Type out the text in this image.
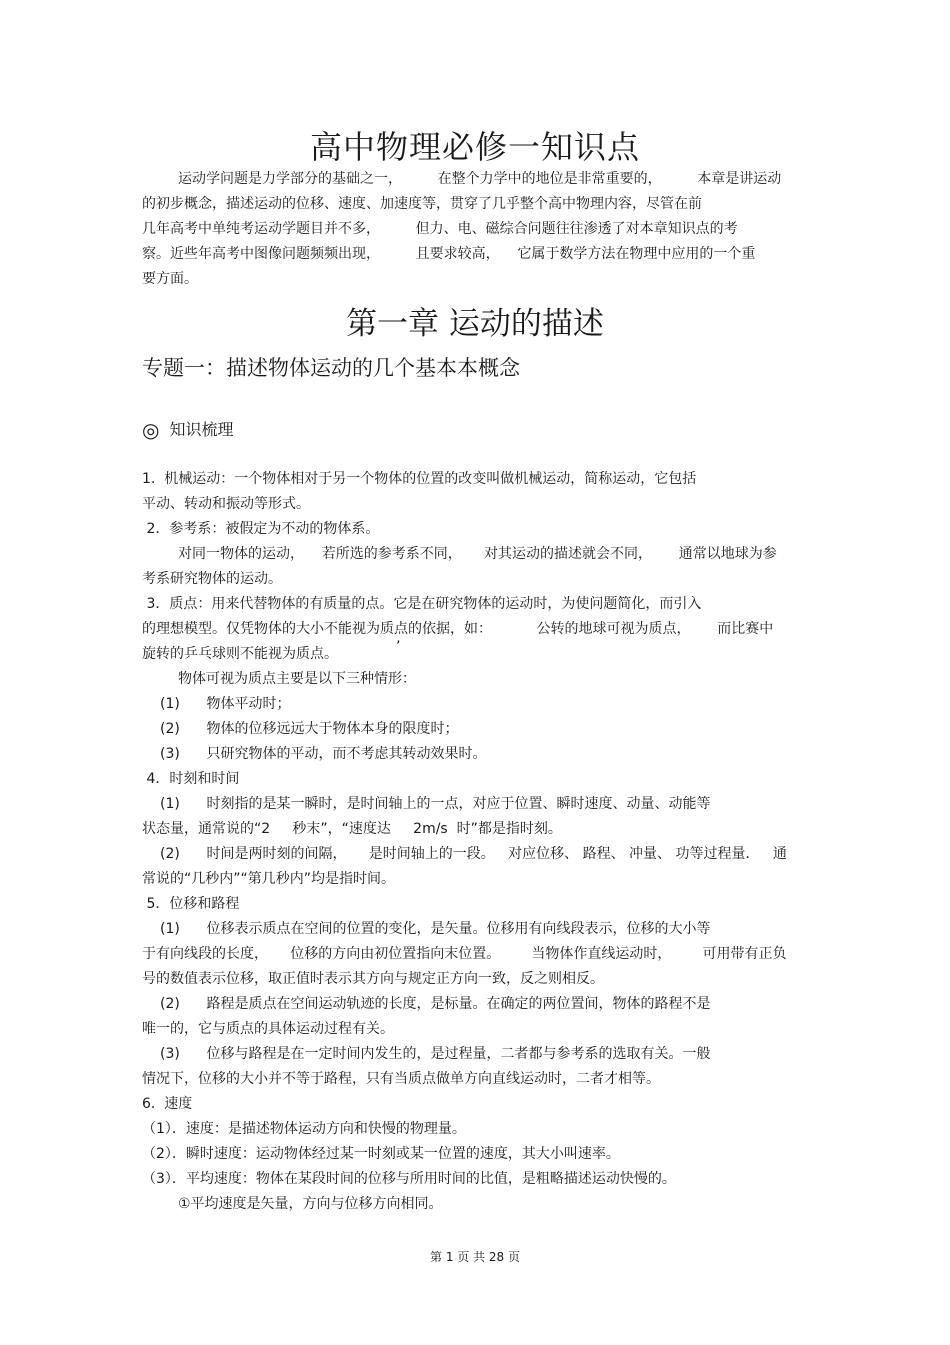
高中物理必修一知识点
运动学问题是力学部分的基础之一，        在整个力学中的地位是非常重要的，        本章是讲运动
的初步概念，描述运动的位移、速度、加速度等，贯穿了几乎整个高中物理内容，尽管在前
几年高考中单纯考运动学题目并不多，        但力、电、磁综合问题往往渗透了对本章知识点的考
察。近些年高考中图像问题频频出现，        且要求较高，    它属于数学方法在物理中应用的一个重
要方面。
第一章 运动的描述
专题一：描述物体运动的几个基本本概念
◎ 知识梳理
1.  机械运动：一个物体相对于另一个物体的位置的改变叫做机械运动，简称运动，它包括
平动、转动和振动等形式。
2．参考系：被假定为不动的物体系。
对同一物体的运动，    若所选的参考系不同，     对其运动的描述就会不同，      通常以地球为参
考系研究物体的运动。
3．质点：用来代替物体的有质量的点。它是在研究物体的运动时，为使问题简化，而引入
的理想模型。仅凭物体的大小不能视为质点的依据，如：          公转的地球可视为质点，      而比赛中
旋转的乒乓球则不能视为质点。	’
物体可视为质点主要是以下三种情形：
(1)      物体平动时；
(2)      物体的位移远远大于物体本身的限度时；
(3)      只研究物体的平动，而不考虑其转动效果时。
4．时刻和时间
(1)      时刻指的是某一瞬时，是时间轴上的一点，对应于位置、瞬时速度、动量、动能等
状态量，通常说的“2     秒末”，“速度达     2m/s  时”都是指时刻。
(2)      时间是两时刻的间隔，     是时间轴上的一段。   对应位移、 路程、 冲量、 功等过程量．   通
常说的“几秒内”“第几秒内”均是指时间。
5．位移和路程
(1)      位移表示质点在空间的位置的变化，是矢量。位移用有向线段表示，位移的大小等
于有向线段的长度，     位移的方向由初位置指向末位置。       当物体作直线运动时，       可用带有正负
号的数值表示位移，取正值时表示其方向与规定正方向一致，反之则相反。
(2)      路程是质点在空间运动轨迹的长度，是标量。在确定的两位置间，物体的路程不是
唯一的，它与质点的具体运动过程有关。
(3)      位移与路程是在一定时间内发生的，是过程量，二者都与参考系的选取有关。一般
情况下，位移的大小并不等于路程，只有当质点做单方向直线运动时，二者才相等。
6.  速度
（1）．速度：是描述物体运动方向和快慢的物理量。
（2）．瞬时速度：运动物体经过某一时刻或某一位置的速度，其大小叫速率。
（3）．平均速度：物体在某段时间的位移与所用时间的比值，是粗略描述运动快慢的。
①平均速度是矢量，方向与位移方向相同。
第 1 页 共 28 页
